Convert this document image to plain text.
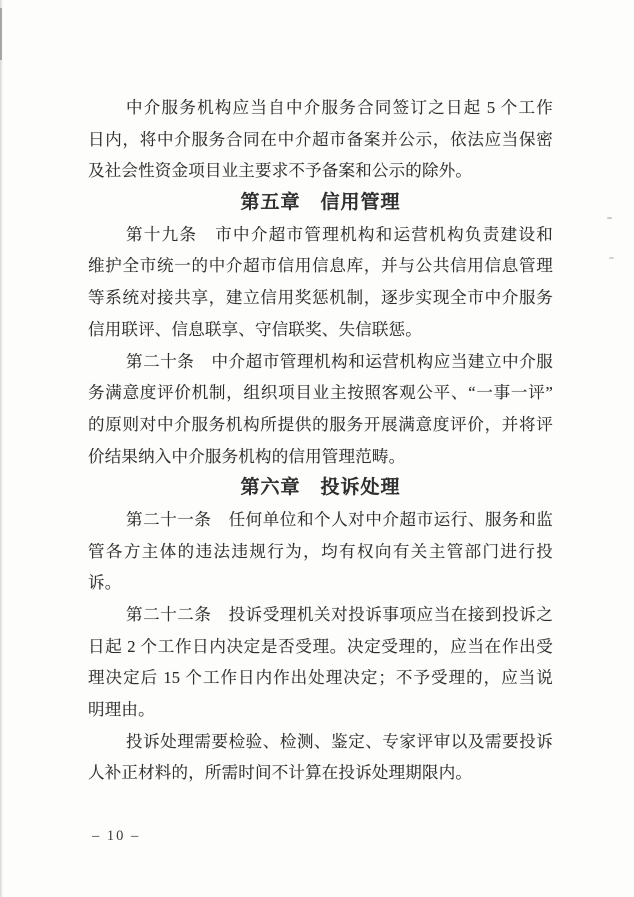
中介服务机构应当自中介服务合同签订之日起 5 个工作
日内，将中介服务合同在中介超市备案并公示，依法应当保密
及社会性资金项目业主要求不予备案和公示的除外。
第五章　信用管理
第十九条　市中介超市管理机构和运营机构负责建设和
维护全市统一的中介超市信用信息库，并与公共信用信息管理
等系统对接共享，建立信用奖惩机制，逐步实现全市中介服务
信用联评、信息联享、守信联奖、失信联惩。
第二十条　中介超市管理机构和运营机构应当建立中介服
务满意度评价机制，组织项目业主按照客观公平、“一事一评”
的原则对中介服务机构所提供的服务开展满意度评价，并将评
价结果纳入中介服务机构的信用管理范畴。
第六章　投诉处理
第二十一条　任何单位和个人对中介超市运行、服务和监
管各方主体的违法违规行为，均有权向有关主管部门进行投
诉。
第二十二条　投诉受理机关对投诉事项应当在接到投诉之
日起 2 个工作日内决定是否受理。决定受理的，应当在作出受
理决定后 15 个工作日内作出处理决定；不予受理的，应当说
明理由。
投诉处理需要检验、检测、鉴定、专家评审以及需要投诉
人补正材料的，所需时间不计算在投诉处理期限内。
– 10 –
